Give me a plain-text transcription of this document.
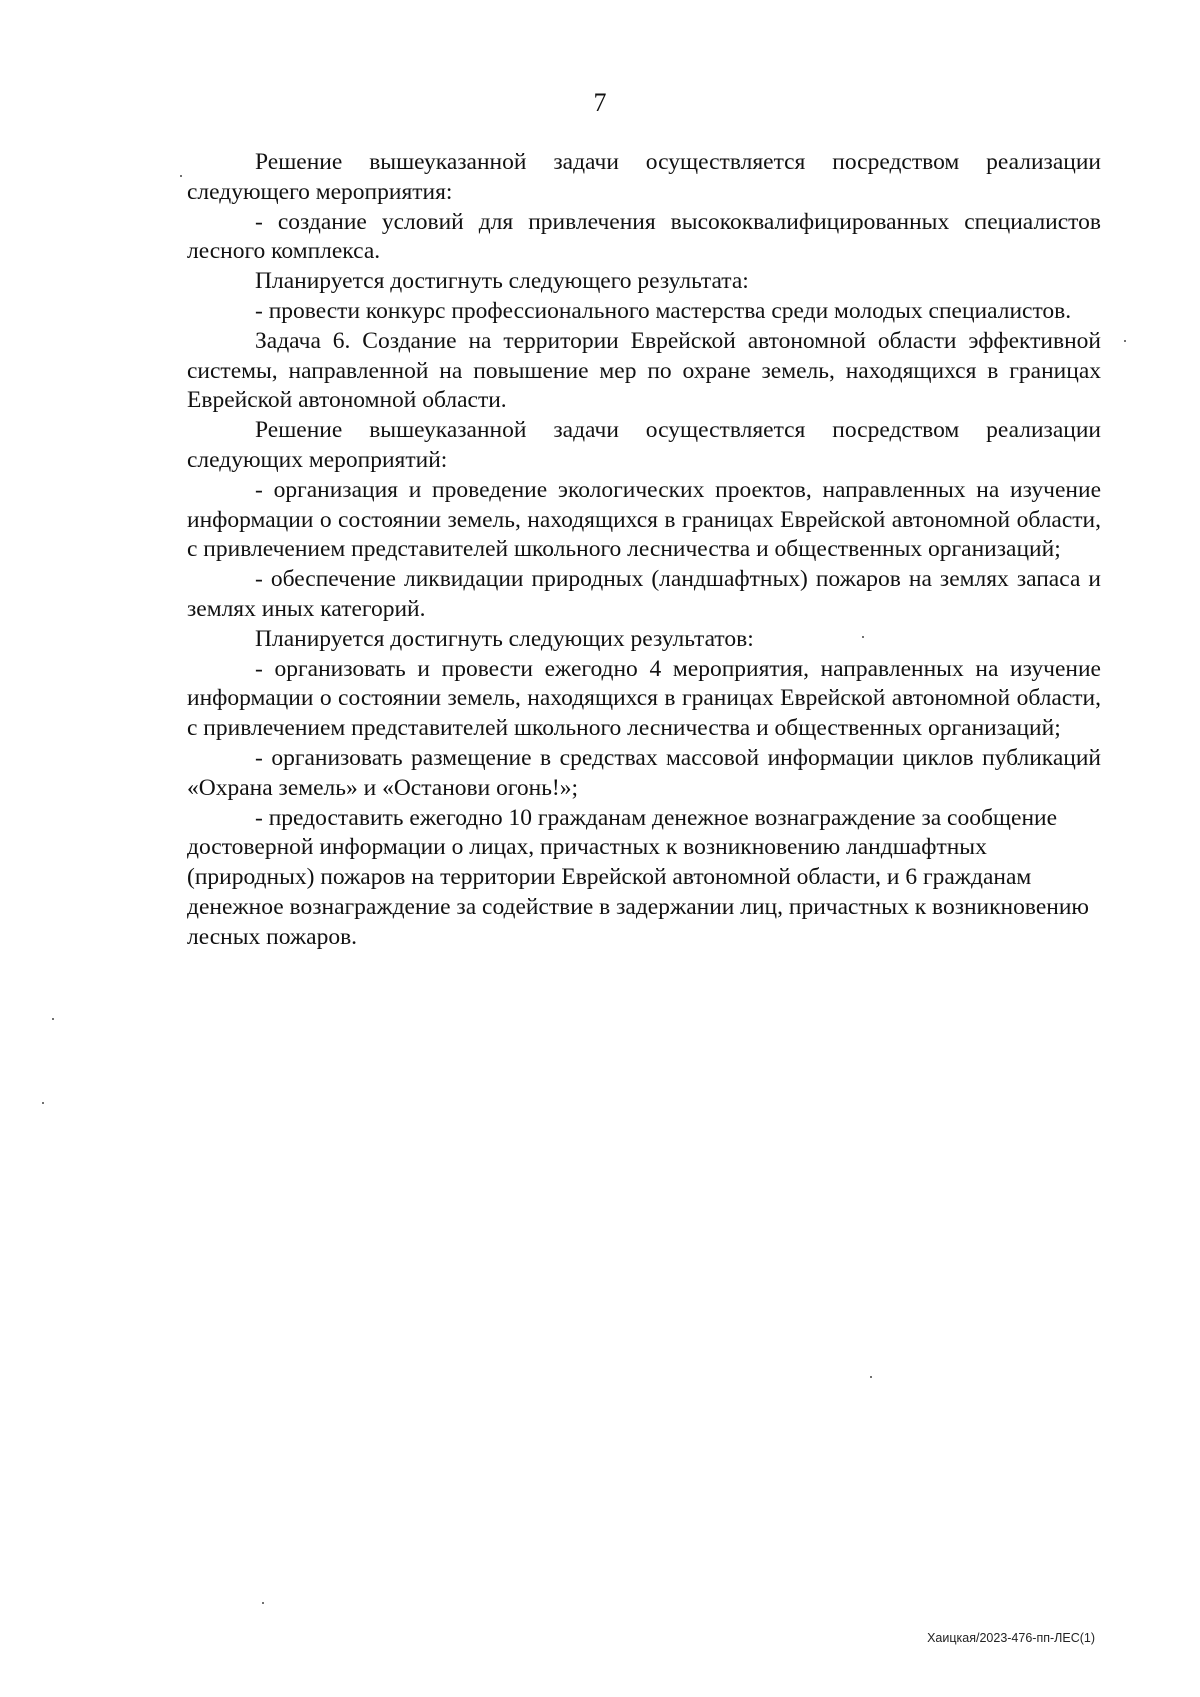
7

Решение вышеуказанной задачи осуществляется посредством реализации следующего мероприятия:

- создание условий для привлечения высококвалифицированных специалистов лесного комплекса.

Планируется достигнуть следующего результата:

- провести конкурс профессионального мастерства среди молодых специалистов.

Задача 6. Создание на территории Еврейской автономной области эффективной системы, направленной на повышение мер по охране земель, находящихся в границах Еврейской автономной области.

Решение вышеуказанной задачи осуществляется посредством реализации следующих мероприятий:

- организация и проведение экологических проектов, направленных на изучение информации о состоянии земель, находящихся в границах Еврейской автономной области, с привлечением представителей школьного лесничества и общественных организаций;

- обеспечение ликвидации природных (ландшафтных) пожаров на землях запаса и землях иных категорий.

Планируется достигнуть следующих результатов:

- организовать и провести ежегодно 4 мероприятия, направленных на изучение информации о состоянии земель, находящихся в границах Еврейской автономной области, с привлечением представителей школьного лесничества и общественных организаций;

- организовать размещение в средствах массовой информации циклов публикаций «Охрана земель» и «Останови огонь!»;

- предоставить ежегодно 10 гражданам денежное вознаграждение за сообщение достоверной информации о лицах, причастных к возникновению ландшафтных (природных) пожаров на территории Еврейской автономной области, и 6 гражданам денежное вознаграждение за содействие в задержании лиц, причастных к возникновению лесных пожаров.

Хаицкая/2023-476-пп-ЛЕС(1)
